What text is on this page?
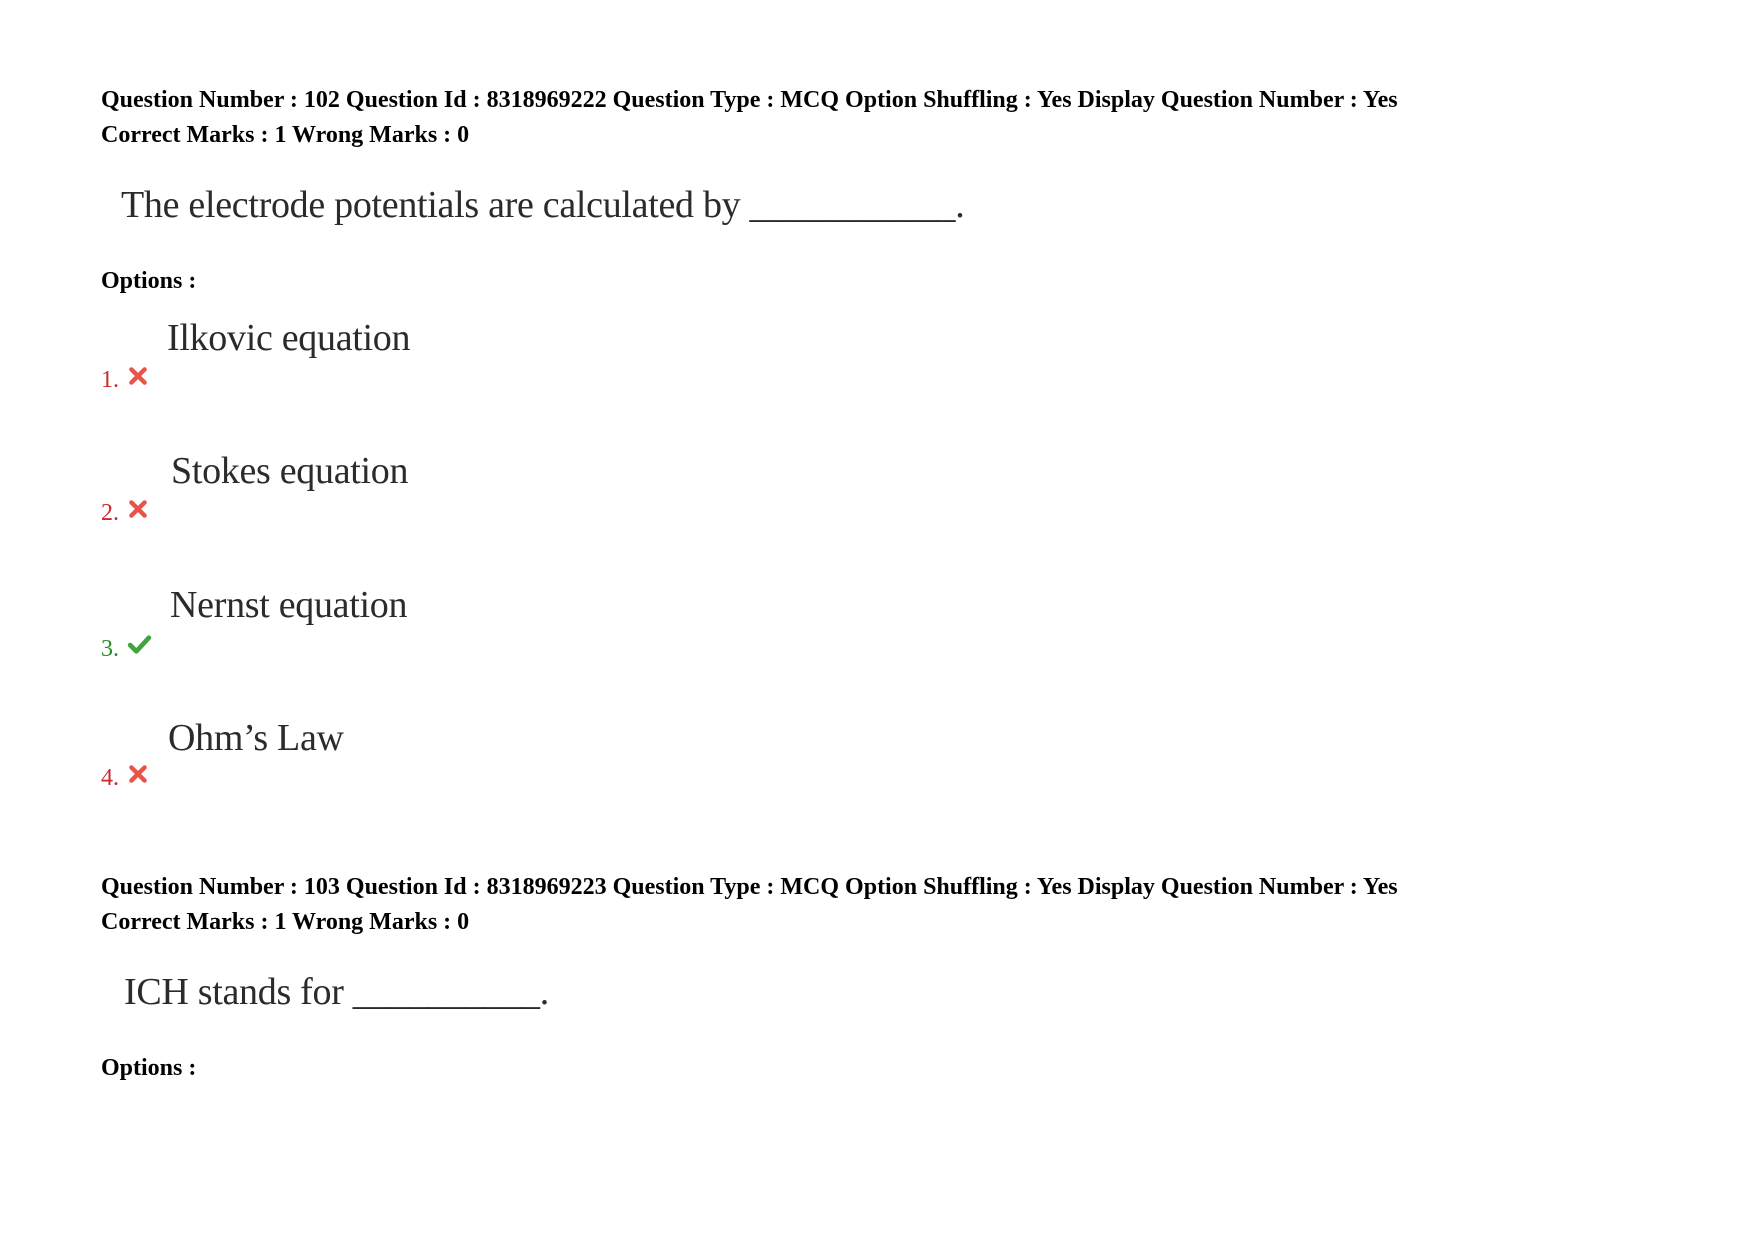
Question Number : 102 Question Id : 8318969222 Question Type : MCQ Option Shuffling : Yes Display Question Number : Yes
Correct Marks : 1 Wrong Marks : 0
The electrode potentials are calculated by ___________.
Options :
Ilkovic equation
1.
Stokes equation
2.
Nernst equation
3.
Ohm’s Law
4.
Question Number : 103 Question Id : 8318969223 Question Type : MCQ Option Shuffling : Yes Display Question Number : Yes
Correct Marks : 1 Wrong Marks : 0
ICH stands for __________.
Options :
